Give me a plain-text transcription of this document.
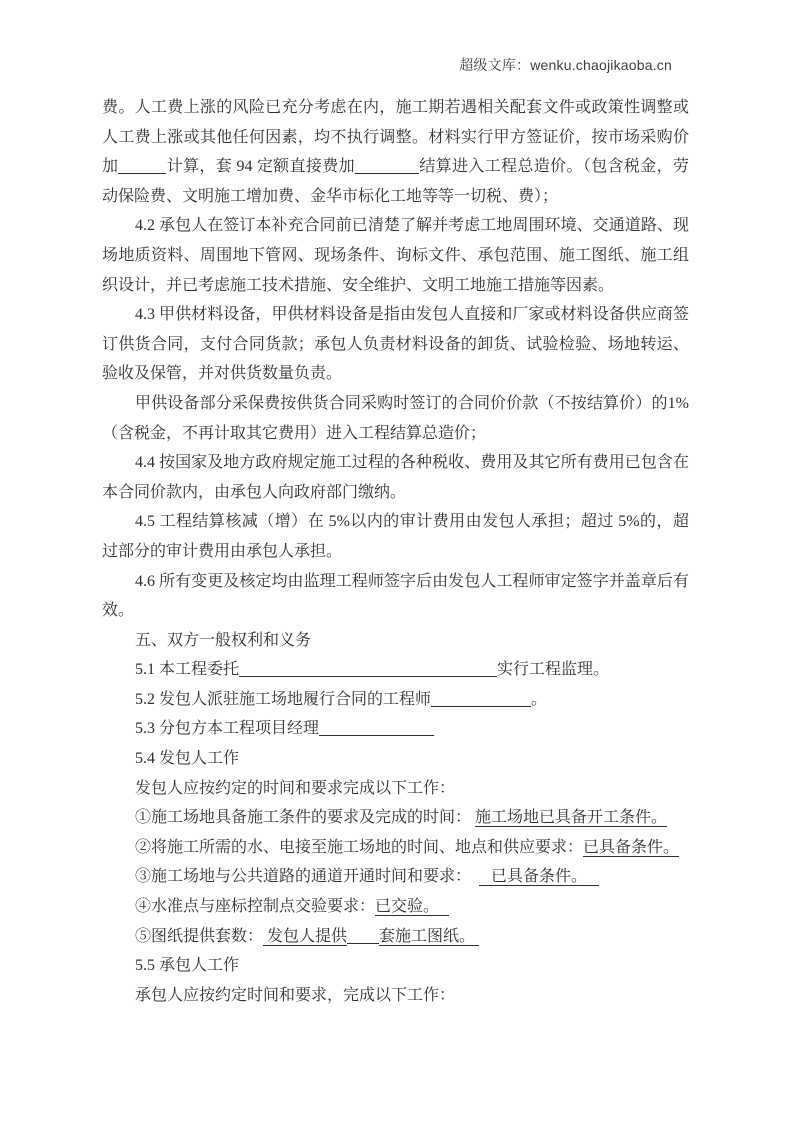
超级文库：wenku.chaojikaoba.cn

费。人工费上涨的风险已充分考虑在内，施工期若遇相关配套文件或政策性调整或人工费上涨或其他任何因素，均不执行调整。材料实行甲方签证价，按市场采购价加	计算，套 94 定额直接费加	结算进入工程总造价。（包含税金，劳动保险费、文明施工增加费、金华市标化工地等等一切税、费）；

4.2 承包人在签订本补充合同前已清楚了解并考虑工地周围环境、交通道路、现场地质资料、周围地下管网、现场条件、询标文件、承包范围、施工图纸、施工组织设计，并已考虑施工技术措施、安全维护、文明工地施工措施等因素。

4.3 甲供材料设备，甲供材料设备是指由发包人直接和厂家或材料设备供应商签订供货合同，支付合同货款；承包人负责材料设备的卸货、试验检验、场地转运、验收及保管，并对供货数量负责。

甲供设备部分采保费按供货合同采购时签订的合同价价款（不按结算价）的1%（含税金，不再计取其它费用）进入工程结算总造价；

4.4 按国家及地方政府规定施工过程的各种税收、费用及其它所有费用已包含在本合同价款内，由承包人向政府部门缴纳。

4.5 工程结算核减（增）在 5%以内的审计费用由发包人承担；超过 5%的，超过部分的审计费用由承包人承担。

4.6 所有变更及核定均由监理工程师签字后由发包人工程师审定签字并盖章后有效。

五、双方一般权利和义务

5.1 本工程委托	实行工程监理。

5.2 发包人派驻施工场地履行合同的工程师	。

5.3 分包方本工程项目经理

5.4 发包人工作

发包人应按约定的时间和要求完成以下工作：

①施工场地具备施工条件的要求及完成的时间： 施工场地已具备开工条件。

②将施工所需的水、电接至施工场地的时间、地点和供应要求：已具备条件。

③施工场地与公共道路的通道开通时间和要求： 已具备条件。

④水准点与座标控制点交验要求：已交验。

⑤图纸提供套数： 发包人提供 套施工图纸。

5.5 承包人工作

承包人应按约定时间和要求，完成以下工作：
